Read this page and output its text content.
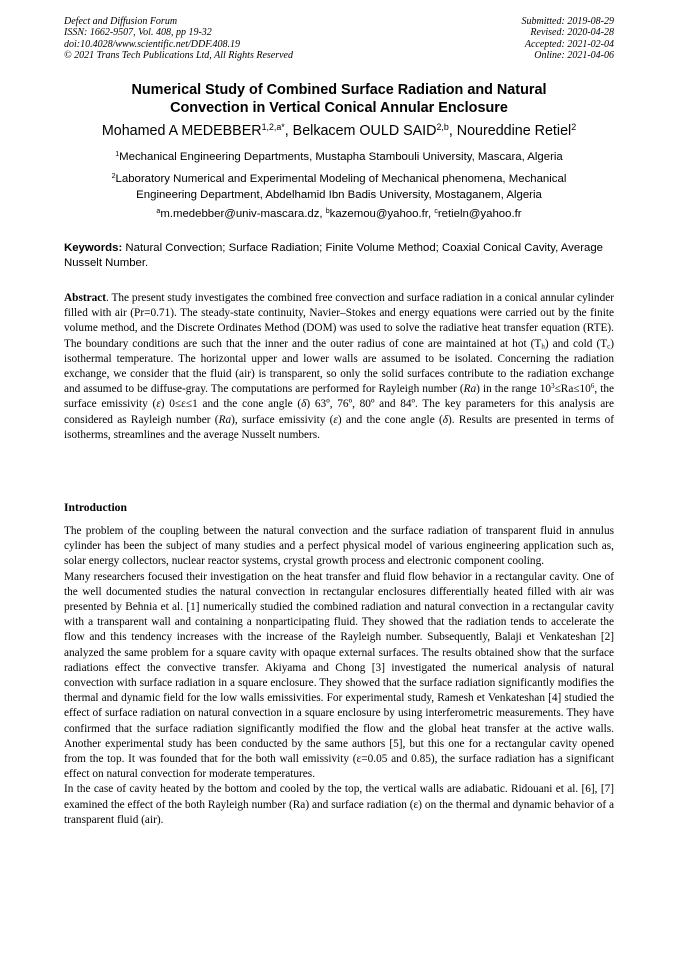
Defect and Diffusion Forum
ISSN: 1662-9507, Vol. 408, pp 19-32
doi:10.4028/www.scientific.net/DDF.408.19
© 2021 Trans Tech Publications Ltd, All Rights Reserved
Submitted: 2019-08-29
Revised: 2020-04-28
Accepted: 2021-02-04
Online: 2021-04-06
Numerical Study of Combined Surface Radiation and Natural
Convection in Vertical Conical Annular Enclosure
Mohamed A $MEDEBBER^{1,2,a*}$, Belkacem OULD SAID$^{2,b}$, Noureddine Retiel$^2$
$^1$Mechanical Engineering Departments, Mustapha Stambouli University, Mascara, Algeria
$^2$Laboratory Numerical and Experimental Modeling of Mechanical phenomena, Mechanical
Engineering Department, Abdelhamid Ibn Badis University, Mostaganem, Algeria
$^a$m.medebber@univ-mascara.dz, $^b$kazemou@yahoo.fr, $^c$retieln@yahoo.fr
Keywords: Natural Convection; Surface Radiation; Finite Volume Method; Coaxial Conical Cavity, Average Nusselt Number.
Abstract. The present study investigates the combined free convection and surface radiation in a conical annular cylinder filled with air (Pr=0.71). The steady-state continuity, Navier–Stokes and energy equations were carried out by the finite volume method, and the Discrete Ordinates Method (DOM) was used to solve the radiative heat transfer equation (RTE). The boundary conditions are such that the inner and the outer radius of cone are maintained at hot $(T_h)$ and cold $(T_c)$ isothermal temperature. The horizontal upper and lower walls are assumed to be isolated. Concerning the radiation exchange, we consider that the fluid (air) is transparent, so only the solid surfaces contribute to the radiation exchange and assumed to be diffuse-gray. The computations are performed for Rayleigh number (Ra) in the range $10^3\le Ra\le 10^6$, the surface emissivity (ε) 0≤ε≤1 and the cone angle (δ) 63º, 76º, 80º and 84º. The key parameters for this analysis are considered as Rayleigh number (Ra), surface emissivity (ε) and the cone angle (δ). Results are presented in terms of isotherms, streamlines and the average Nusselt numbers.
Introduction

The problem of the coupling between the natural convection and the surface radiation of transparent fluid in annulus cylinder has been the subject of many studies and a perfect physical model of various engineering application such as, solar energy collectors, nuclear reactor systems, crystal growth process and electronic component cooling.

Many researchers focused their investigation on the heat transfer and fluid flow behavior in a rectangular cavity. One of the well documented studies the natural convection in rectangular enclosures differentially heated filled with air was presented by Behnia et al. [1] numerically studied the combined radiation and natural convection in a rectangular cavity with a transparent wall and containing a nonparticipating fluid. They showed that the radiation tends to accelerate the flow and this tendency increases with the increase of the Rayleigh number. Subsequently, Balaji et Venkateshan [2] analyzed the same problem for a square cavity with opaque external surfaces. The results obtained show that the surface radiations effect the convective transfer. Akiyama and Chong [3] investigated the numerical analysis of natural convection with surface radiation in a square enclosure. They showed that the surface radiation significantly modifies the thermal and dynamic field for the low walls emissivities. For experimental study, Ramesh et Venkateshan [4] studied the effect of surface radiation on natural convection in a square enclosure by using interferometric measurements. They have confirmed that the surface radiation significantly modified the flow and the global heat transfer at the active walls. Another experimental study has been conducted by the same authors [5], but this one for a rectangular cavity opened from the top. It was founded that for the both wall emissivity (ε=0.05 and 0.85), the surface radiation has a significant effect on natural convection for moderate temperatures.

In the case of cavity heated by the bottom and cooled by the top, the vertical walls are adiabatic. Ridouani et al. [6], [7] examined the effect of the both Rayleigh number (Ra) and surface radiation (ε) on the thermal and dynamic behavior of a transparent fluid (air).
